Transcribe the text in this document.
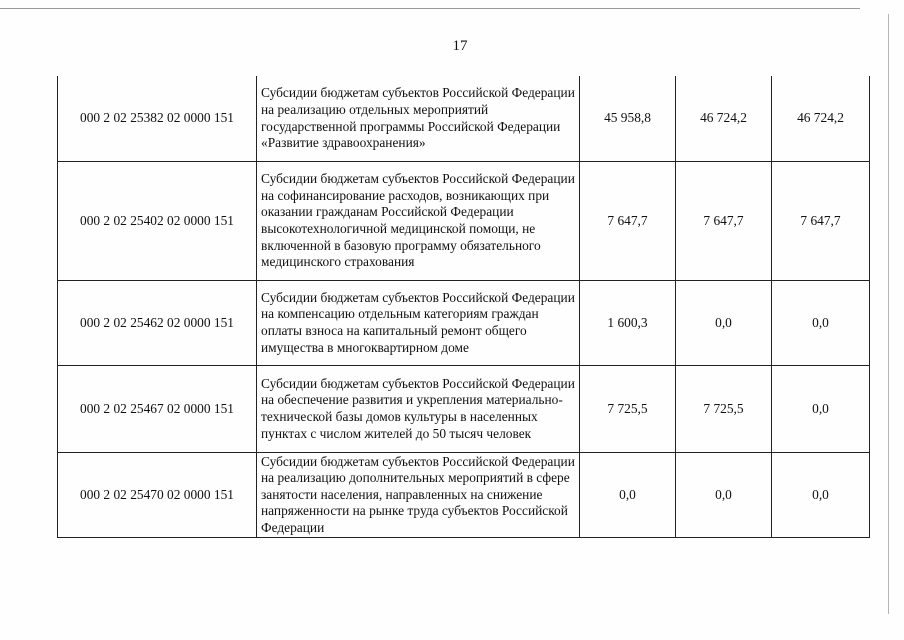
17
000 2 02 25382 02 0000 151	Субсидии бюджетам субъектов Российской Федерации на реализацию отдельных мероприятий государственной программы Российской Федерации «Развитие здравоохранения»	45 958,8	46 724,2	46 724,2
000 2 02 25402 02 0000 151	Субсидии бюджетам субъектов Российской Федерации на софинансирование расходов, возникающих при оказании гражданам Российской Федерации высокотехнологичной медицинской помощи, не включенной в базовую программу обязательного медицинского страхования	7 647,7	7 647,7	7 647,7
000 2 02 25462 02 0000 151	Субсидии бюджетам субъектов Российской Федерации на компенсацию отдельным категориям граждан оплаты взноса на капитальный ремонт общего имущества в многоквартирном доме	1 600,3	0,0	0,0
000 2 02 25467 02 0000 151	Субсидии бюджетам субъектов Российской Федерации на обеспечение развития и укрепления материально-технической базы домов культуры в населенных пунктах с числом жителей до 50 тысяч человек	7 725,5	7 725,5	0,0
000 2 02 25470 02 0000 151	Субсидии бюджетам субъектов Российской Федерации на реализацию дополнительных мероприятий в сфере занятости населения, направленных на снижение напряженности на рынке труда субъектов Российской Федерации	0,0	0,0	0,0
